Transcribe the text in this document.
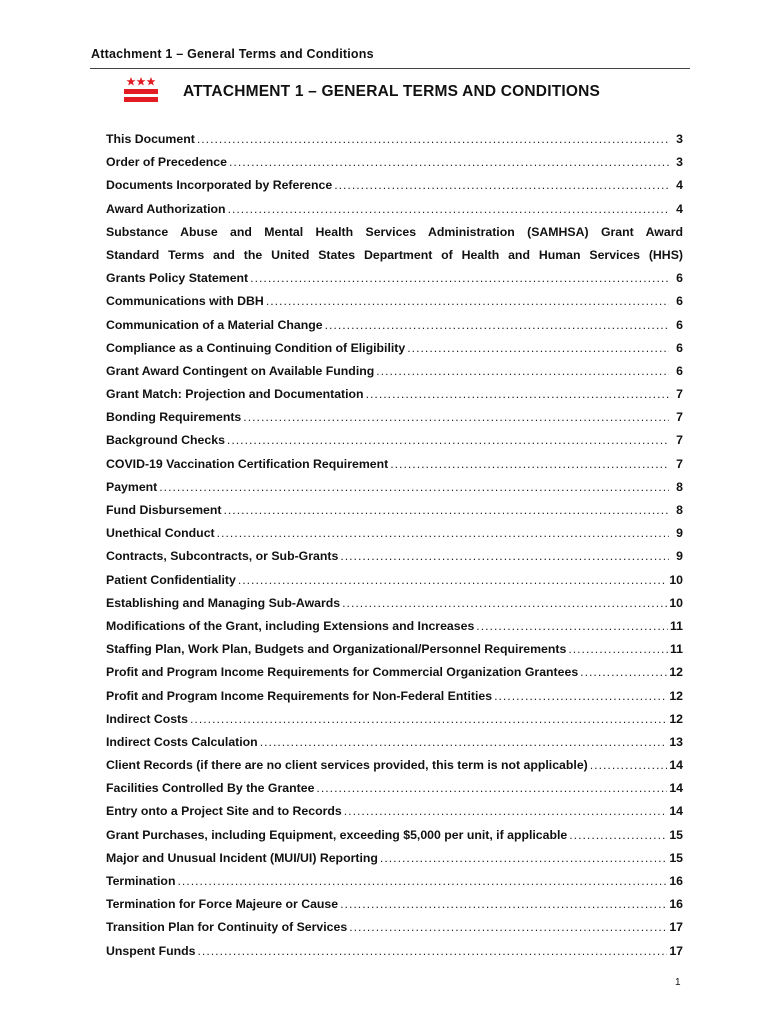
Attachment 1 – General Terms and Conditions
ATTACHMENT 1 – GENERAL TERMS AND CONDITIONS
This Document .....	3
Order of Precedence .....	3
Documents Incorporated by Reference .....	4
Award Authorization .....	4
Substance Abuse and Mental Health Services Administration (SAMHSA) Grant Award
Standard Terms and the United States Department of Health and Human Services (HHS)
Grants Policy Statement .....	6
Communications with DBH .....	6
Communication of a Material Change .....	6
Compliance as a Continuing Condition of Eligibility .....	6
Grant Award Contingent on Available Funding .....	6
Grant Match: Projection and Documentation .....	7
Bonding Requirements .....	7
Background Checks .....	7
COVID-19 Vaccination Certification Requirement .....	7
Payment .....	8
Fund Disbursement .....	8
Unethical Conduct .....	9
Contracts, Subcontracts, or Sub-Grants .....	9
Patient Confidentiality .....	10
Establishing and Managing Sub-Awards .....	10
Modifications of the Grant, including Extensions and Increases .....	11
Staffing Plan, Work Plan, Budgets and Organizational/Personnel Requirements .....	11
Profit and Program Income Requirements for Commercial Organization Grantees .....	12
Profit and Program Income Requirements for Non-Federal Entities .....	12
Indirect Costs .....	12
Indirect Costs Calculation .....	13
Client Records (if there are no client services provided, this term is not applicable) .....	14
Facilities Controlled By the Grantee .....	14
Entry onto a Project Site and to Records .....	14
Grant Purchases, including Equipment, exceeding $5,000 per unit, if applicable .....	15
Major and Unusual Incident (MUI/UI) Reporting .....	15
Termination .....	16
Termination for Force Majeure or Cause .....	16
Transition Plan for Continuity of Services .....	17
Unspent Funds .....	17
1
